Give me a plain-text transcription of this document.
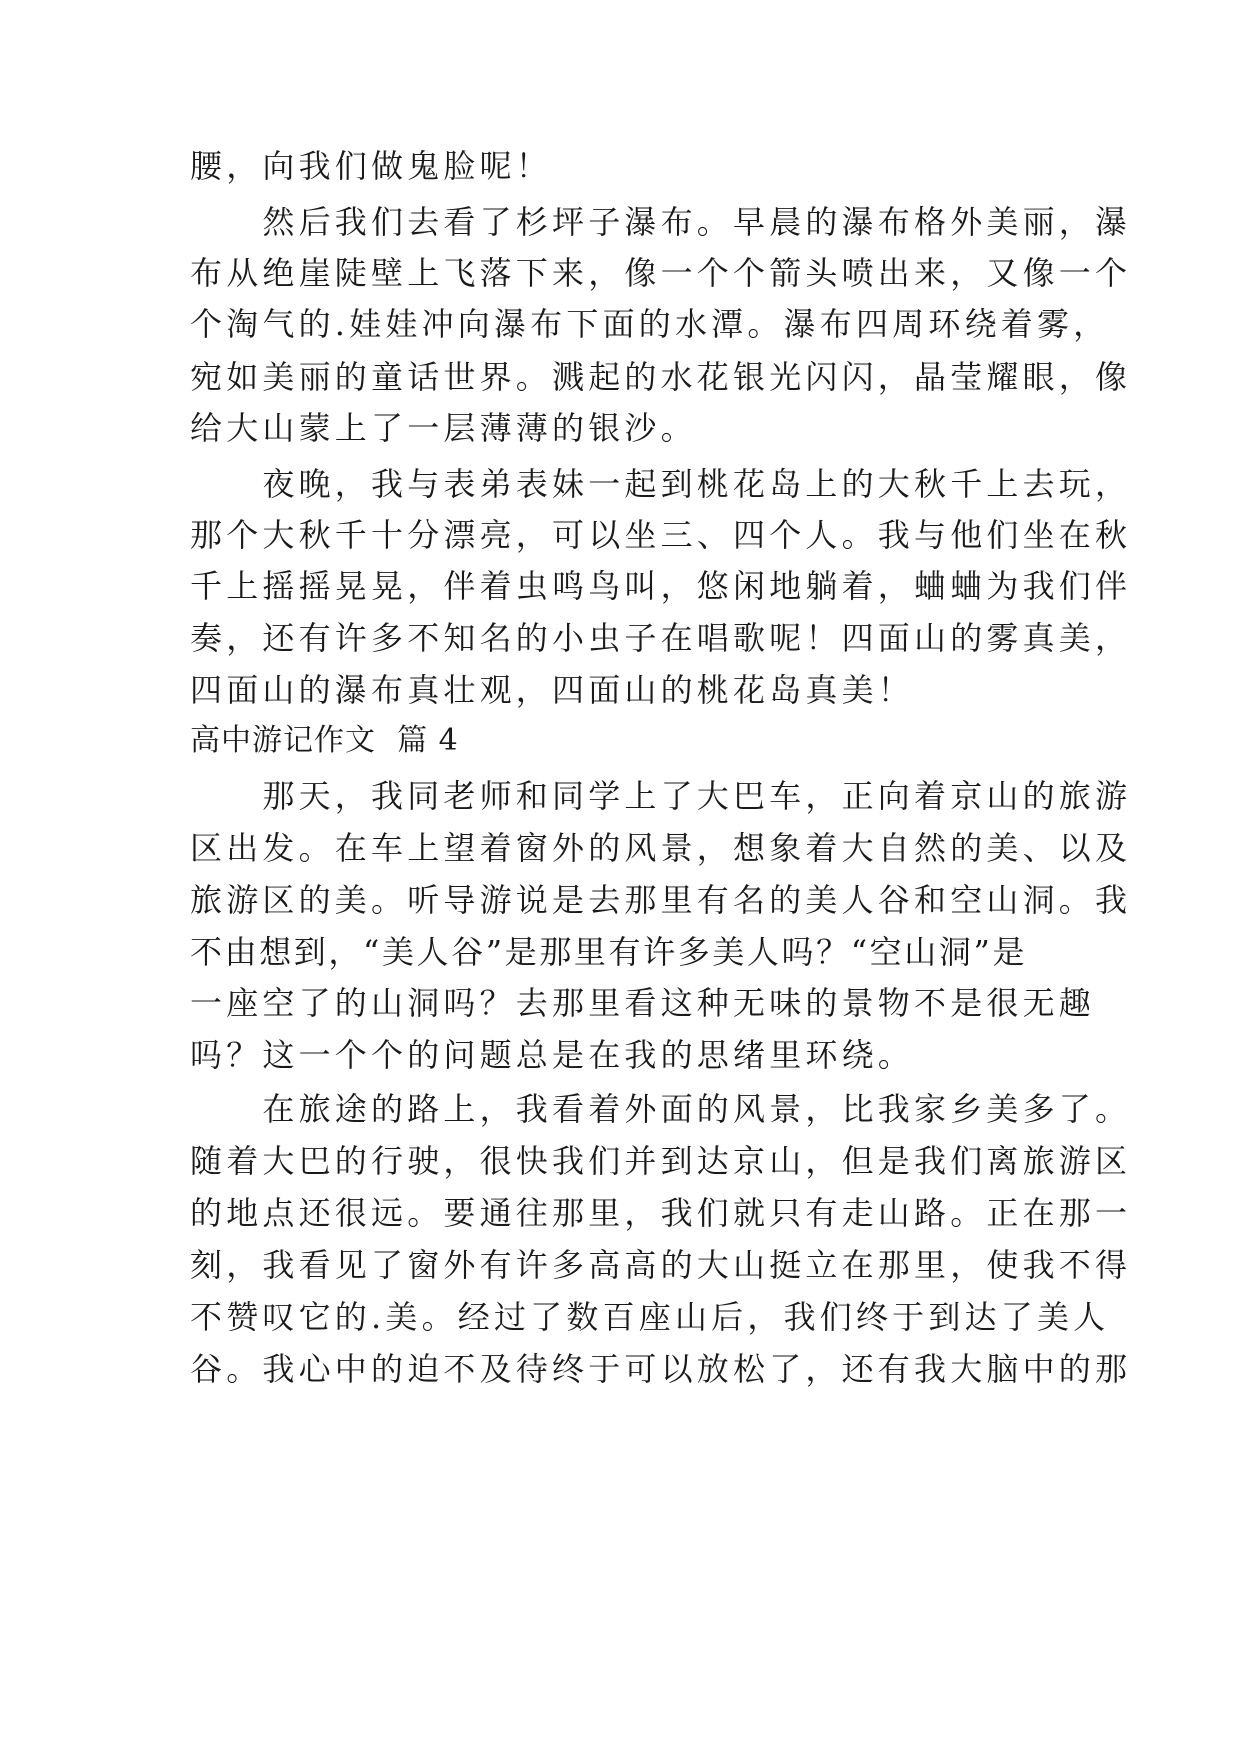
腰，向我们做鬼脸呢！
　　然后我们去看了杉坪子瀑布。早晨的瀑布格外美丽，瀑
布从绝崖陡壁上飞落下来，像一个个箭头喷出来，又像一个
个淘气的.娃娃冲向瀑布下面的水潭。瀑布四周环绕着雾，
宛如美丽的童话世界。溅起的水花银光闪闪，晶莹耀眼，像
给大山蒙上了一层薄薄的银沙。
　　夜晚，我与表弟表妹一起到桃花岛上的大秋千上去玩，
那个大秋千十分漂亮，可以坐三、四个人。我与他们坐在秋
千上摇摇晃晃，伴着虫鸣鸟叫，悠闲地躺着，蛐蛐为我们伴
奏，还有许多不知名的小虫子在唱歌呢！四面山的雾真美，
四面山的瀑布真壮观，四面山的桃花岛真美！
高中游记作文  篇 4
　　那天，我同老师和同学上了大巴车，正向着京山的旅游
区出发。在车上望着窗外的风景，想象着大自然的美、以及
旅游区的美。听导游说是去那里有名的美人谷和空山洞。我
不由想到，“美人谷”是那里有许多美人吗？“空山洞”是
一座空了的山洞吗？去那里看这种无味的景物不是很无趣
吗？这一个个的问题总是在我的思绪里环绕。
　　在旅途的路上，我看着外面的风景，比我家乡美多了。
随着大巴的行驶，很快我们并到达京山，但是我们离旅游区
的地点还很远。要通往那里，我们就只有走山路。正在那一
刻，我看见了窗外有许多高高的大山挺立在那里，使我不得
不赞叹它的.美。经过了数百座山后，我们终于到达了美人
谷。我心中的迫不及待终于可以放松了，还有我大脑中的那
